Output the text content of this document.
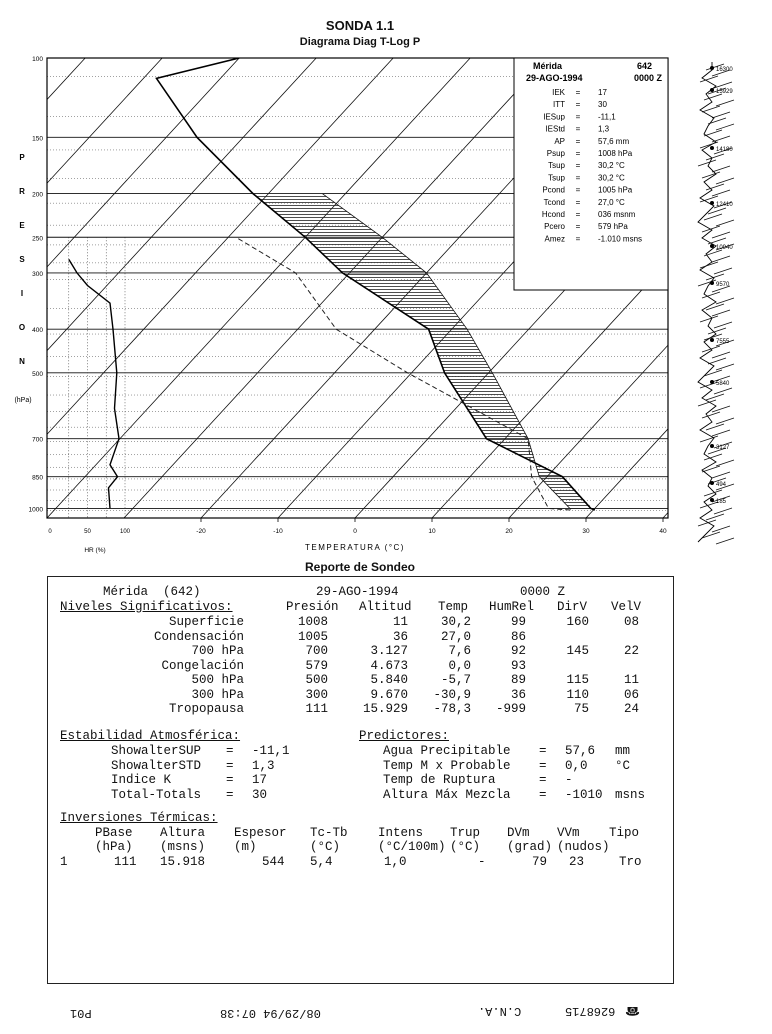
SONDA 1.1
Diagrama Diag T-Log P
100
150
200
250
300
400
500
700
850
1000
P
R
E
S
I
O
N
(hPa)
-20	-10	0	10	20	30	40
0	50	100
HR (%)	TEMPERATURA (°C)
Mérida	642
29-AGO-1994	0000 Z
IEK = 17
ITT = 30
IESup = -11,1
IEStd = 1,3
AP = 57,6 mm
Psup = 1008 hPa
Tsup = 30,2 °C
Tsup = 30,2 °C
Pcond = 1005 hPa
Tcond = 27,0 °C
Hcond = 036 msnm
Pcero = 579 hPa
Amez = -1.010 msns
16300
15929
14180
12410
10940
9570
7555
5840
3127
494
185
Reporte de Sondeo
Mérida  (642)	29-AGO-1994	0000 Z
Niveles Significativos:	Presión Altitud Temp HumRel DirV VelV
Superficie	1008	11	30,2	99	160	08
Condensación	1005	36	27,0	86
700 hPa	700	3.127	7,6	92	145	22
Congelación	579	4.673	0,0	93
500 hPa	500	5.840	-5,7	89	115	11
300 hPa	300	9.670 -30,9	36	110	06
Tropopausa	111	15.929 -78,3 -999	75	24
Estabilidad Atmosférica:
ShowalterSUP = -11,1
ShowalterSTD = 1,3
Indice K	= 17
Total-Totals = 30
Predictores:
Agua Precipitable = 57,6 mm
Temp M x Probable = 0,0 °C
Temp de Ruptura	= -
Altura Máx Mezcla = -1010 msns
Inversiones Térmicas:
PBase Altura Espesor Tc-Tb Intens Trup DVm VVm Tipo
(hPa) (msns) (m)	(°C)	(°C/100m) (°C) (grad) (nudos)
1	111 15.918	544 5,4	1,0	-	79 23	Tro
P01	08/29/94 07:38	C.N.A.	6268715 ☎
